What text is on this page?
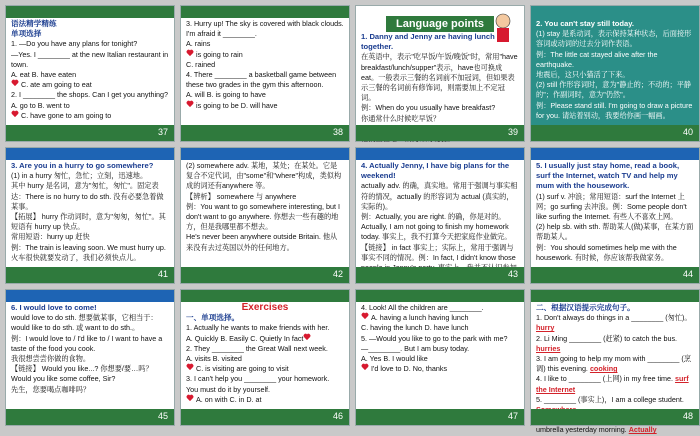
语法精学精练
单项选择
1. —Do you have any plans for tonight?
—Yes. I ________ at the new Italian restaurant in town.
A. eat B. have eaten
C. ate am going to eat
2. I ________ the shops. Can I get you anything?
A. go to B. went to
C. have gone to am going to
37
3. Hurry up! The sky is covered with black clouds. I'm afraid it ________.
A. rains
is going to rain
C. rained
4. There ________ a basketball game between these two grades in the gym this afternoon.
A. will B. is going to have
is going to be D. will have
38
Language points
1. Danny and Jenny are having lunch together.
在英语中，表示"吃早饭/午饭/晚饭"时，常用"have breakfast/lunch/supper"表示，have也可换成eat。一般表示三餐的名词前不加冠词，但如果表示三餐的名词前有修饰词，则需要加上不定冠词。
例：When do you usually have breakfast?
你通常什么时候吃早饭？
39
2. You can't stay still today.
(1) stay 是系动词，表示保持某种状态，后面接形容词或动词的过去分词作表语。
例：The little cat stayed alive after the earthquake.
地震后，这只小猫活了下来。
(2) still 作形容词时，意为"静止的；不动的；平静的"；作副词时，意为"仍然"。
例：Please stand still. I'm going to draw a picture for you. 请站着别动，我要给你画一幅画。
40
3. Are you in a hurry to go somewhere?
(1) in a hurry 匆忙，急忙；立刻，迅速地。
其中 hurry 是名词，意为"匆忙，匆忙"。固定表达：There is no hurry to do sth. 没有必要急着做某事。
【拓展】 hurry 作动词时，意为"匆匆，匆忙"。其短语有 hurry up 快点。
常用短语：hurry up 赶快
例：The train is leaving soon. We must hurry up. 火车很快就要发动了，我们必须快点儿。
41
(2) somewhere adv. 某地，某处；在某处。它是复合不定代词，由"some"和"where"构成，类似构成的词还有anywhere 等。
【辨析】 somewhere 与 anywhere
例：You want to go somewhere interesting, but I don't want to go anywhere. 你想去一些有趣的地方，但是我哪里都不想去。
He's never been anywhere outside Britain. 他从来没有去过英国以外的任何地方。
42
4. Actually Jenny, I have big plans for the weekend!
actually adv. 的确，真实地。常用于强调与事实相符的情况，actually 的形容词为 actual (真实的，实际的)。
例：Actually, you are right. 的确，你是对的。Actually, I am not going to finish my homework today. 事实上，我不打算今天把家庭作业做完。
【链接】 in fact 事实上；实际上，常用于强调与事实不同的情况。例：In fact, I didn't know those
43
5. I usually just stay home, read a book, surf the Internet, watch TV and help my mum with the housework.
(1) surf v. 冲浪；常用短语：surf the Internet 上网；go surfing 去冲浪。例：Some people don't like surfing the Internet. 有些人不喜欢上网。
(2) help sb. with sth. 帮助某人(做)某事，在某方面帮助某人。
例：You should sometimes help me with the housework. 有时候，你应该帮我做家务。
44
6. I would love to come!
would love to do sth. 想要做某事，它相当于：would like to do sth. 或 want to do sth.。
例：I would love to / I'd like to / I want to have a taste of the food you cook.
我很想尝尝你做的食物。
【链接】 Would you like...? 你想要/要…吗？
Would you like some coffee, Sir?
先生，您要喝点咖啡吗？
45
Exercises
一、单项选择。
1. Actually he wants to make friends with her.
A. Quickly B. Easily C. Quietly In fact
2. They ________ the Great Wall next week.
A. visits B. visited
C. is visiting are going to visit
3. I can't help you ________ your homework.
You must do it by yourself.
A. on with C. in D. at
46
4. Look! All the children are ________.
A. having a lunch having lunch
C. having the lunch D. have lunch
5. —Would you like to go to the park with me?
—________. But I am busy today.
A. Yes B. I would like
I'd love to D. No, thanks
47
二、根据汉语提示完成句子。
1. Don't always do things in a ________ (匆忙)。 hurry
2. Li Ming ________ (赶紧) to catch the bus. hurries
3. I am going to help my mom with ________ (烹调) this evening. cooking
4. I like to ________ (上网) in my free time. surf the Internet
5. ________ (事实上)，I am a college student.
umbrella yesterday morning. Actually
48
